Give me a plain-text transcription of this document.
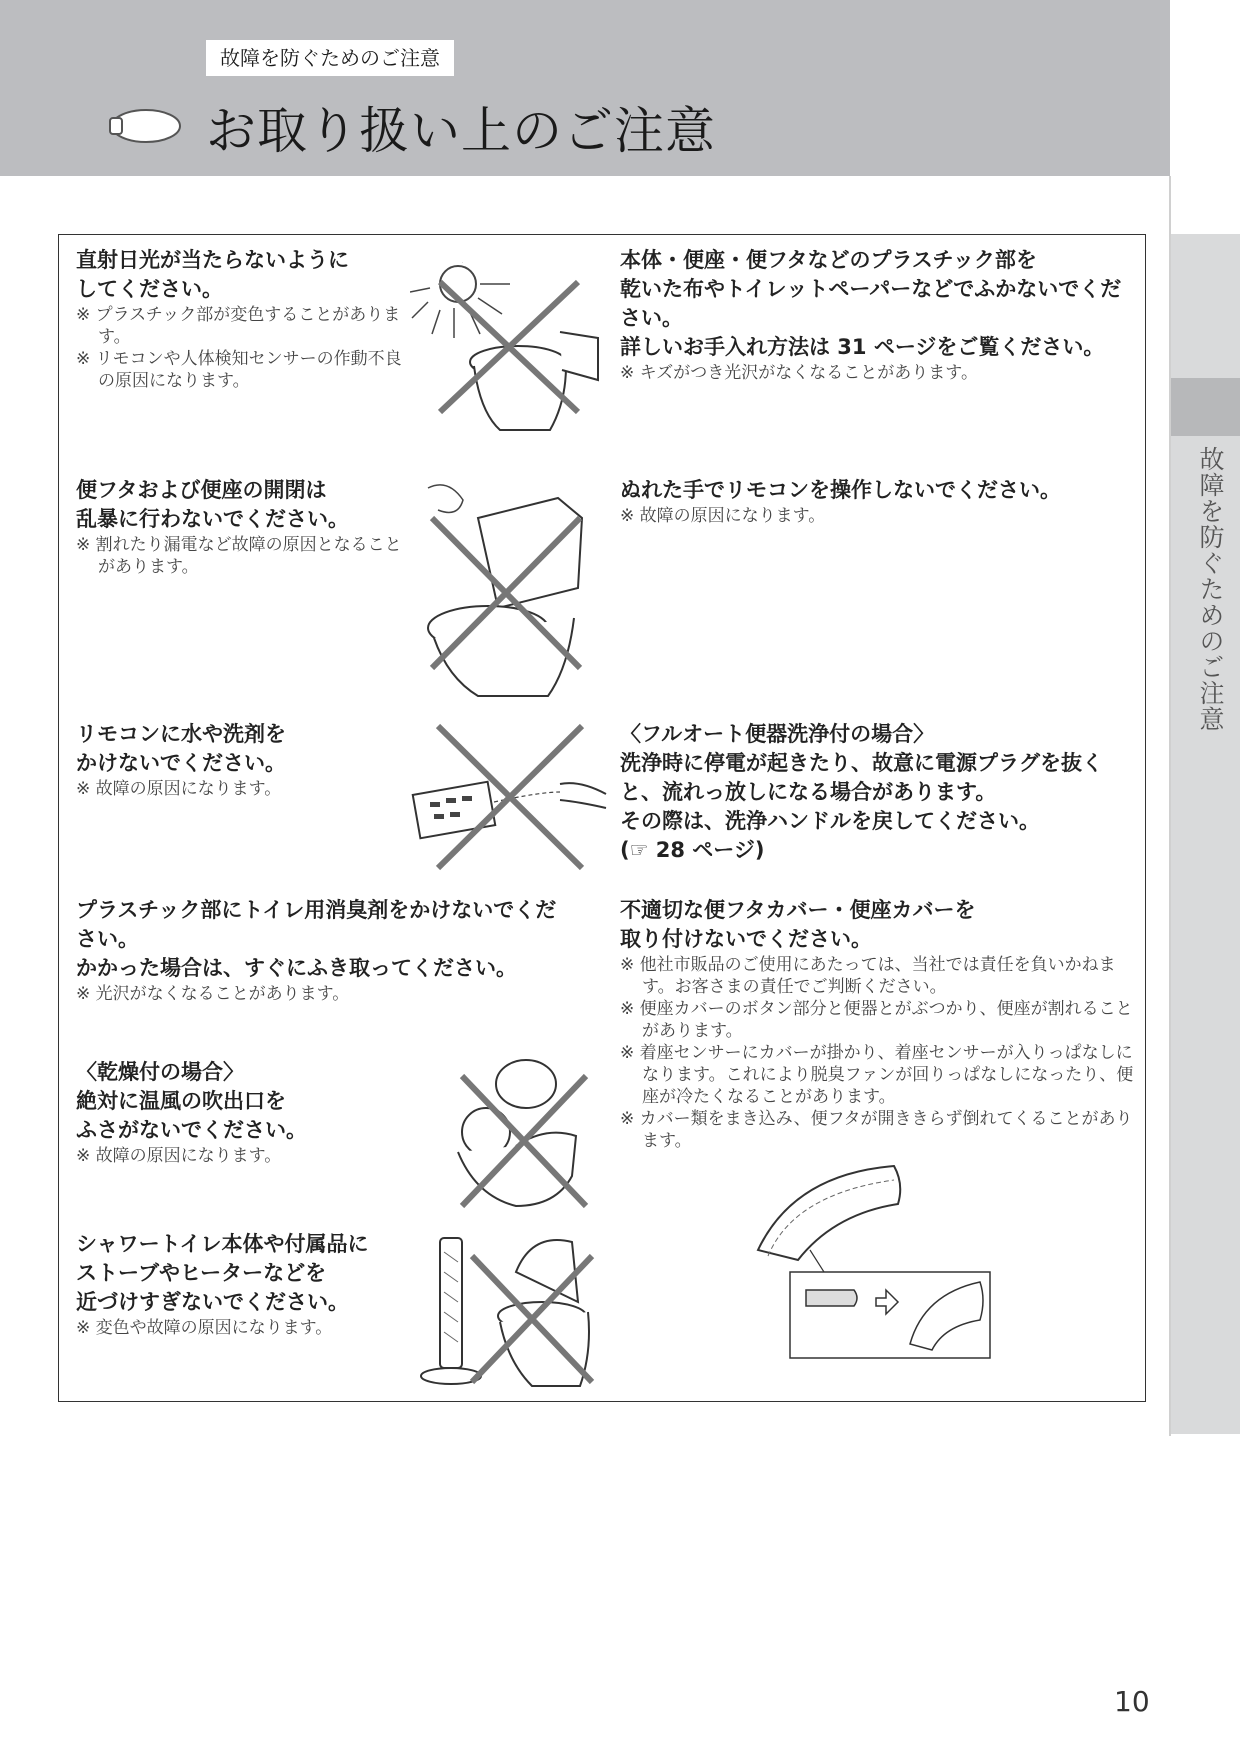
故障を防ぐためのご注意
お取り扱い上のご注意
故障を防ぐためのご注意
直射日光が当たらないように
してください。
※ プラスチック部が変色することがあります。
※ リモコンや人体検知センサーの作動不良の原因になります。
便フタおよび便座の開閉は
乱暴に行わないでください。
※ 割れたり漏電など故障の原因となることがあります。
リモコンに水や洗剤を
かけないでください。
※ 故障の原因になります。
プラスチック部にトイレ用消臭剤をかけないでください。
かかった場合は、すぐにふき取ってください。
※ 光沢がなくなることがあります。
〈乾燥付の場合〉
絶対に温風の吹出口を
ふさがないでください。
※ 故障の原因になります。
シャワートイレ本体や付属品に
ストーブやヒーターなどを
近づけすぎないでください。
※ 変色や故障の原因になります。
本体・便座・便フタなどのプラスチック部を
乾いた布やトイレットペーパーなどでふかないでください。
詳しいお手入れ方法は 31 ページをご覧ください。
※ キズがつき光沢がなくなることがあります。
ぬれた手でリモコンを操作しないでください。
※ 故障の原因になります。
〈フルオート便器洗浄付の場合〉
洗浄時に停電が起きたり、故意に電源プラグを抜くと、流れっ放しになる場合があります。
その際は、洗浄ハンドルを戻してください。
(☞ 28 ページ)
不適切な便フタカバー・便座カバーを
取り付けないでください。
※ 他社市販品のご使用にあたっては、当社では責任を負いかねます。お客さまの責任でご判断ください。
※ 便座カバーのボタン部分と便器とがぶつかり、便座が割れることがあります。
※ 着座センサーにカバーが掛かり、着座センサーが入りっぱなしになります。これにより脱臭ファンが回りっぱなしになったり、便座が冷たくなることがあります。
※ カバー類をまき込み、便フタが開ききらず倒れてくることがあります。
10
